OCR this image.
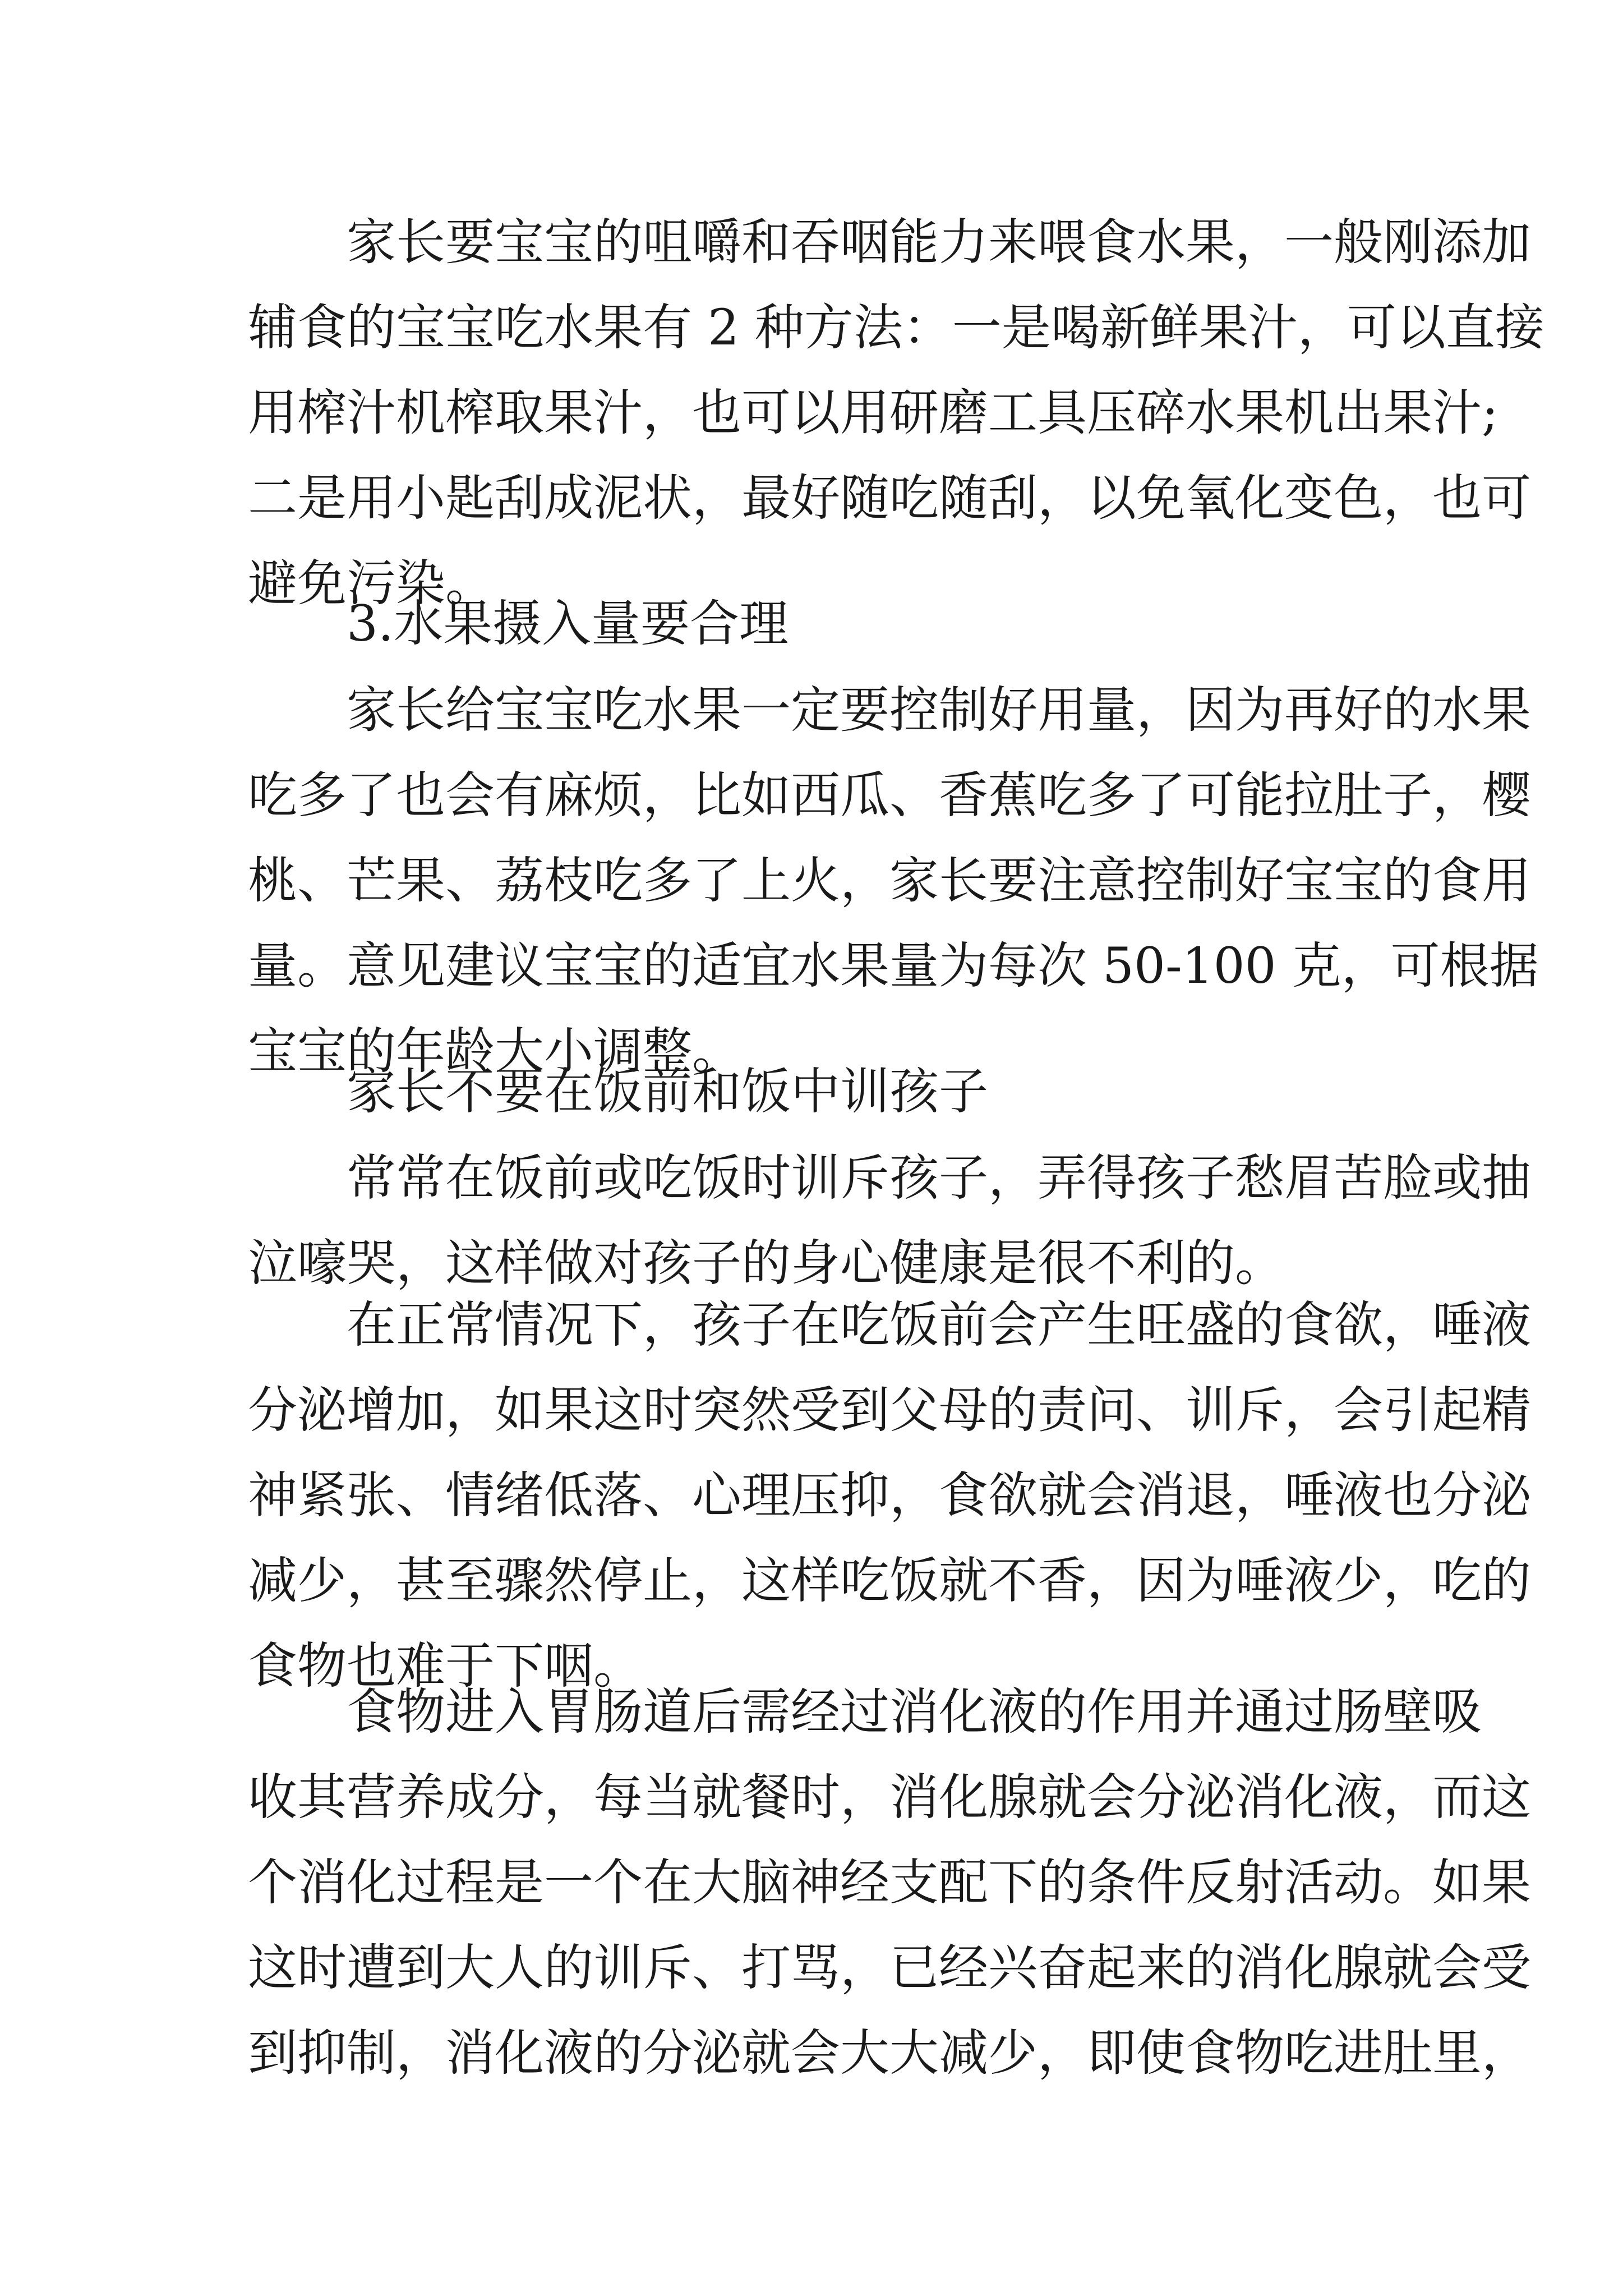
家长要宝宝的咀嚼和吞咽能力来喂食水果，一般刚添加
辅食的宝宝吃水果有 2 种方法：一是喝新鲜果汁，可以直接
用榨汁机榨取果汁，也可以用研磨工具压碎水果机出果汁;
二是用小匙刮成泥状，最好随吃随刮，以免氧化变色，也可
避免污染。
3.水果摄入量要合理
家长给宝宝吃水果一定要控制好用量，因为再好的水果
吃多了也会有麻烦，比如西瓜、香蕉吃多了可能拉肚子，樱
桃、芒果、荔枝吃多了上火，家长要注意控制好宝宝的食用
量。意见建议宝宝的适宜水果量为每次 50-100 克，可根据
宝宝的年龄大小调整。
家长不要在饭前和饭中训孩子
常常在饭前或吃饭时训斥孩子，弄得孩子愁眉苦脸或抽
泣嚎哭，这样做对孩子的身心健康是很不利的。
在正常情况下，孩子在吃饭前会产生旺盛的食欲，唾液
分泌增加，如果这时突然受到父母的责问、训斥，会引起精
神紧张、情绪低落、心理压抑，食欲就会消退，唾液也分泌
减少，甚至骤然停止，这样吃饭就不香，因为唾液少，吃的
食物也难于下咽。
食物进入胃肠道后需经过消化液的作用并通过肠壁吸
收其营养成分，每当就餐时，消化腺就会分泌消化液，而这
个消化过程是一个在大脑神经支配下的条件反射活动。如果
这时遭到大人的训斥、打骂，已经兴奋起来的消化腺就会受
到抑制，消化液的分泌就会大大减少，即使食物吃进肚里，
